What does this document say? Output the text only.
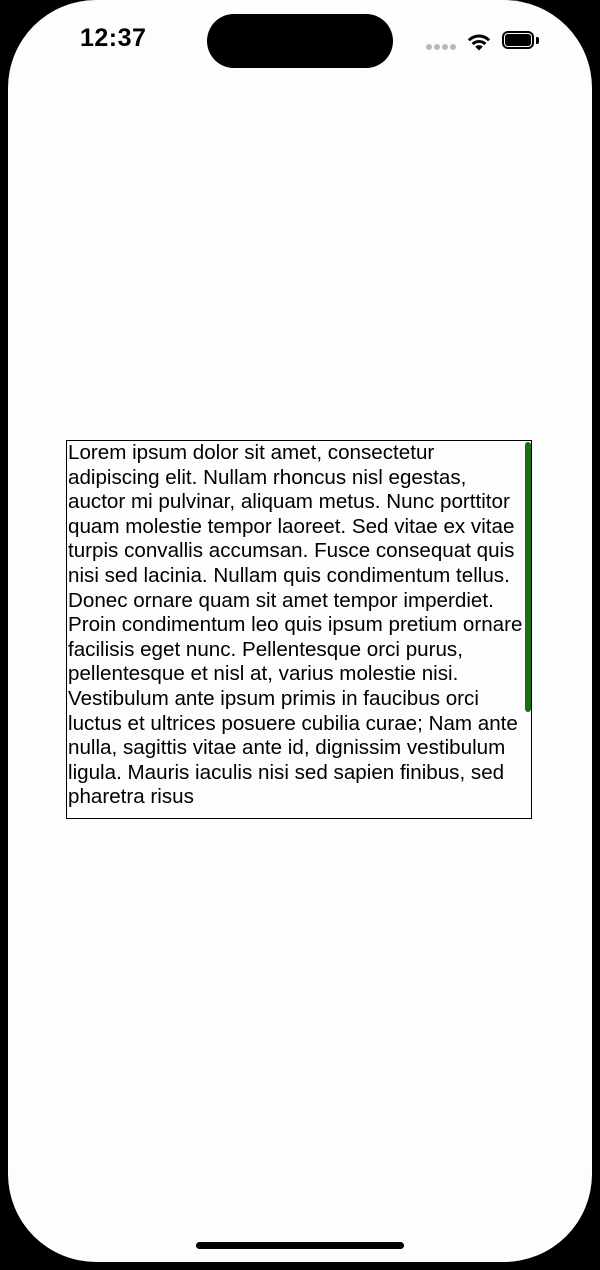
12:37

Lorem ipsum dolor sit amet, consectetur adipiscing elit. Nullam rhoncus nisl egestas, auctor mi pulvinar, aliquam metus. Nunc porttitor quam molestie tempor laoreet. Sed vitae ex vitae turpis convallis accumsan. Fusce consequat quis nisi sed lacinia. Nullam quis condimentum tellus. Donec ornare quam sit amet tempor imperdiet. Proin condimentum leo quis ipsum pretium ornare facilisis eget nunc. Pellentesque orci purus, pellentesque et nisl at, varius molestie nisi. Vestibulum ante ipsum primis in faucibus orci luctus et ultrices posuere cubilia curae; Nam ante nulla, sagittis vitae ante id, dignissim vestibulum ligula. Mauris iaculis nisi sed sapien finibus, sed pharetra risus
